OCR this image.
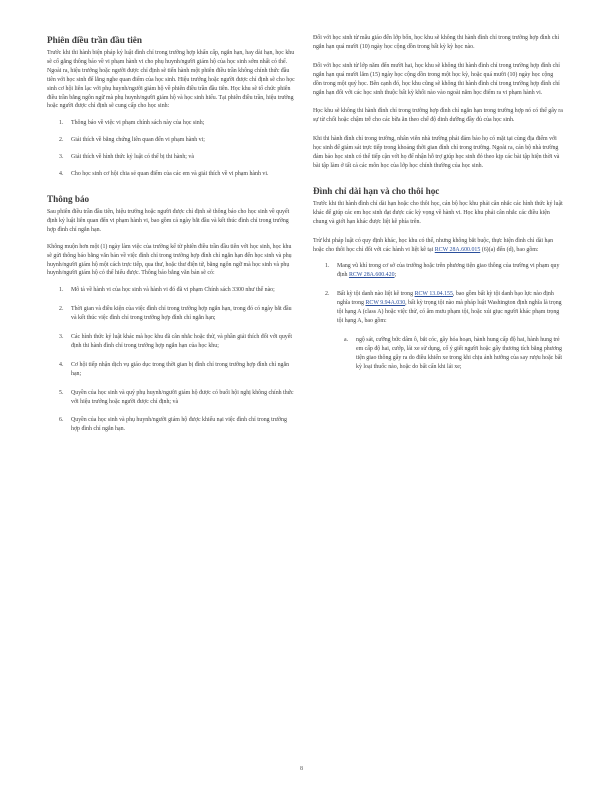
Phiên điều trần đầu tiên

Trước khi thi hành biện pháp kỷ luật đình chỉ trong trường hợp khẩn cấp, ngắn hạn, hay dài hạn, học khu sẽ cố gắng thông báo về vi phạm hành vi cho phụ huynh/người giám hộ của học sinh sớm nhất có thể. Ngoài ra, hiệu trưởng hoặc người được chỉ định sẽ tiến hành một phiên điều trần không chính thức đầu tiên với học sinh để lắng nghe quan điểm của học sinh. Hiệu trưởng hoặc người được chỉ định sẽ cho học sinh cơ hội liên lạc với phụ huynh/người giám hộ về phiên điều trần đầu tiên. Học khu sẽ tổ chức phiên điều trần bằng ngôn ngữ mà phụ huynh/người giám hộ và học sinh hiểu. Tại phiên điều trần, hiệu trưởng hoặc người được chỉ định sẽ cung cấp cho học sinh:

1. Thông báo về việc vi phạm chính sách này của học sinh;
2. Giải thích về bằng chứng liên quan đến vi phạm hành vi;
3. Giải thích về hình thức kỷ luật có thể bị thi hành; và
4. Cho học sinh cơ hội chia sẻ quan điểm của các em và giải thích về vi phạm hành vi.
Thông báo

Sau phiên điều trần đầu tiên, hiệu trưởng hoặc người được chỉ định sẽ thông báo cho học sinh về quyết định kỷ luật liên quan đến vi phạm hành vi, bao gồm cả ngày bắt đầu và kết thúc đình chỉ trong trường hợp đình chỉ ngắn hạn.

Không muộn hơn một (1) ngày làm việc của trường kể từ phiên điều trần đầu tiên với học sinh, học khu sẽ gửi thông báo bằng văn bản về việc đình chỉ trong trường hợp đình chỉ ngắn hạn đến học sinh và phụ huynh/người giám hộ một cách trực tiếp, qua thư, hoặc thư điện tử, bằng ngôn ngữ mà học sinh và phụ huynh/người giám hộ có thể hiểu được. Thông báo bằng văn bản sẽ có:

1. Mô tả về hành vi của học sinh và hành vi đó đã vi phạm Chính sách 3300 như thế nào;
2. Thời gian và điều kiện của việc đình chỉ trong trường hợp ngắn hạn, trong đó có ngày bắt đầu và kết thúc việc đình chỉ trong trường hợp đình chỉ ngắn hạn;
3. Các hình thức kỷ luật khác mà học khu đã cân nhắc hoặc thử, và phần giải thích đối với quyết định thi hành đình chỉ trong trường hợp ngắn hạn của học khu;
4. Cơ hội tiếp nhận dịch vụ giáo dục trong thời gian bị đình chỉ trong trường hợp đình chỉ ngắn hạn;
5. Quyền của học sinh và quý phụ huynh/người giám hộ được có buổi hội nghị không chính thức với hiệu trưởng hoặc người được chỉ định; và
6. Quyền của học sinh và phụ huynh/người giám hộ được khiếu nại việc đình chỉ trong trường hợp đình chỉ ngắn hạn.

Đối với học sinh từ mẫu giáo đến lớp bốn, học khu sẽ không thi hành đình chỉ trong trường hợp đình chỉ ngắn hạn quá mười (10) ngày học cộng dồn trong bất kỳ kỳ học nào.

Đối với học sinh từ lớp năm đến mười hai, học khu sẽ không thi hành đình chỉ trong trường hợp đình chỉ ngắn hạn quá mười lăm (15) ngày học cộng dồn trong một học kỳ, hoặc quá mười (10) ngày học cộng dồn trong một quý học. Bên cạnh đó, học khu cũng sẽ không thi hành đình chỉ trong trường hợp đình chỉ ngắn hạn đối với các học sinh thuộc bất kỳ khối nào vào ngoài năm học điểm ra vi phạm hành vi.

Học khu sẽ không thi hành đình chỉ trong trường hợp đình chỉ ngắn hạn trong trường hợp nó có thể gây ra sự từ chối hoặc chậm trễ cho các bữa ăn theo chế độ dinh dưỡng đầy đủ của học sinh.

Khi thi hành đình chỉ trong trường, nhân viên nhà trường phải đảm bảo họ có mặt tại cùng địa điểm với học sinh để giám sát trực tiếp trong khoảng thời gian đình chỉ trong trường. Ngoài ra, cán bộ nhà trường đảm bảo học sinh có thể tiếp cận với họ để nhận hỗ trợ giúp học sinh đó theo kịp các bài tập hiện thời và bài tập làm ở tất cả các môn học của lớp học chính thường của học sinh.

Đình chỉ dài hạn và cho thôi học

Trước khi thi hành đình chỉ dài hạn hoặc cho thôi học, cán bộ học khu phải cân nhắc các hình thức kỷ luật khác để giúp các em học sinh đạt được các kỳ vọng về hành vi. Học khu phải cân nhắc các điều kiện chung và giới hạn khác được liệt kê phía trên.

Trừ khi pháp luật có quy định khác, học khu có thể, nhưng không bắt buộc, thực hiện đình chỉ dài hạn hoặc cho thôi học chỉ đối với các hành vi liệt kê tại RCW 28A.600.015 (6)(a) đến (d), bao gồm:

1. Mang vũ khí trong cơ sở của trường hoặc trên phương tiện giao thông của trường vi phạm quy định RCW 28A.600.420;
2. Bất kỳ tội danh nào liệt kê trong RCW 13.04.155, bao gồm bất kỳ tội danh bạo lực nào định nghĩa trong RCW 9.94A.030, bất kỳ trọng tội nào mà pháp luật Washington định nghĩa là trọng tội hạng A (class A) hoặc việc thử, có âm mưu phạm tội, hoặc xúi giục người khác phạm trọng tội hạng A, bao gồm:
a. ngộ sát, cưỡng bức dâm ô, bắt cóc, gây hỏa hoạn, hành hung cấp độ hai, hành hung trẻ em cấp độ hai, cướp, lái xe sử dụng, cố ý giết người hoặc gây thương tích bằng phương tiện giao thông gây ra do điều khiển xe trong khi chịu ảnh hưởng của say rượu hoặc bất kỳ loại thuốc nào, hoặc do bất cẩn khi lái xe;
8
